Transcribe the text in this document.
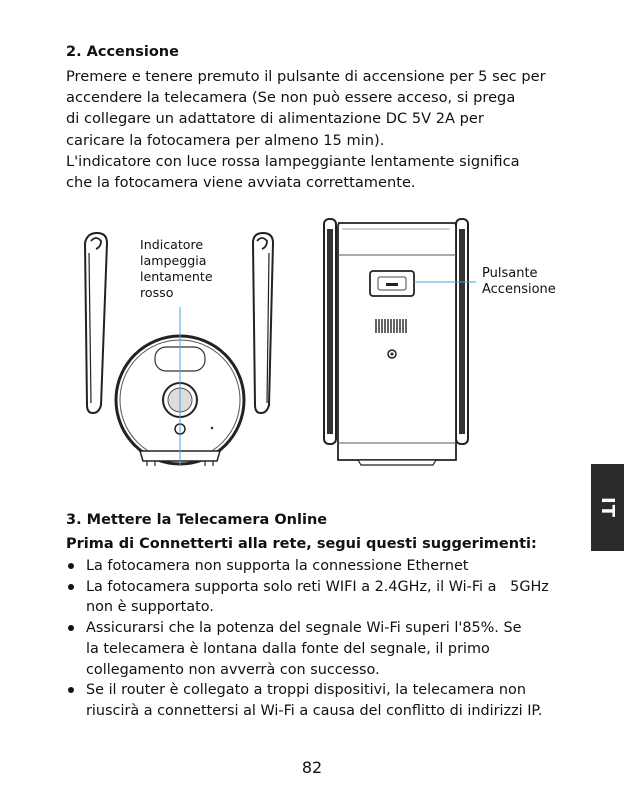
2. Accensione
Premere e tenere premuto il pulsante di accensione per 5 sec per
accendere la telecamera (Se non può essere acceso, si prega
di collegare un adattatore di alimentazione DC 5V 2A per
caricare la fotocamera per almeno 15 min).
L'indicatore con luce rossa lampeggiante lentamente significa
che la fotocamera viene avviata correttamente.
Indicatore
lampeggia
lentamente
rosso
Pulsante
Accensione
3. Mettere la Telecamera Online
Prima di Connetterti alla rete, segui questi suggerimenti:
La fotocamera non supporta la connessione Ethernet
La fotocamera supporta solo reti WIFI a 2.4GHz, il Wi-Fi a   5GHz
non è supportato.
Assicurarsi che la potenza del segnale Wi-Fi superi l'85%. Se
la telecamera è lontana dalla fonte del segnale, il primo
collegamento non avverrà con successo.
Se il router è collegato a troppi dispositivi, la telecamera non
riuscirà a connettersi al Wi-Fi a causa del conflitto di indirizzi IP.
IT
82
